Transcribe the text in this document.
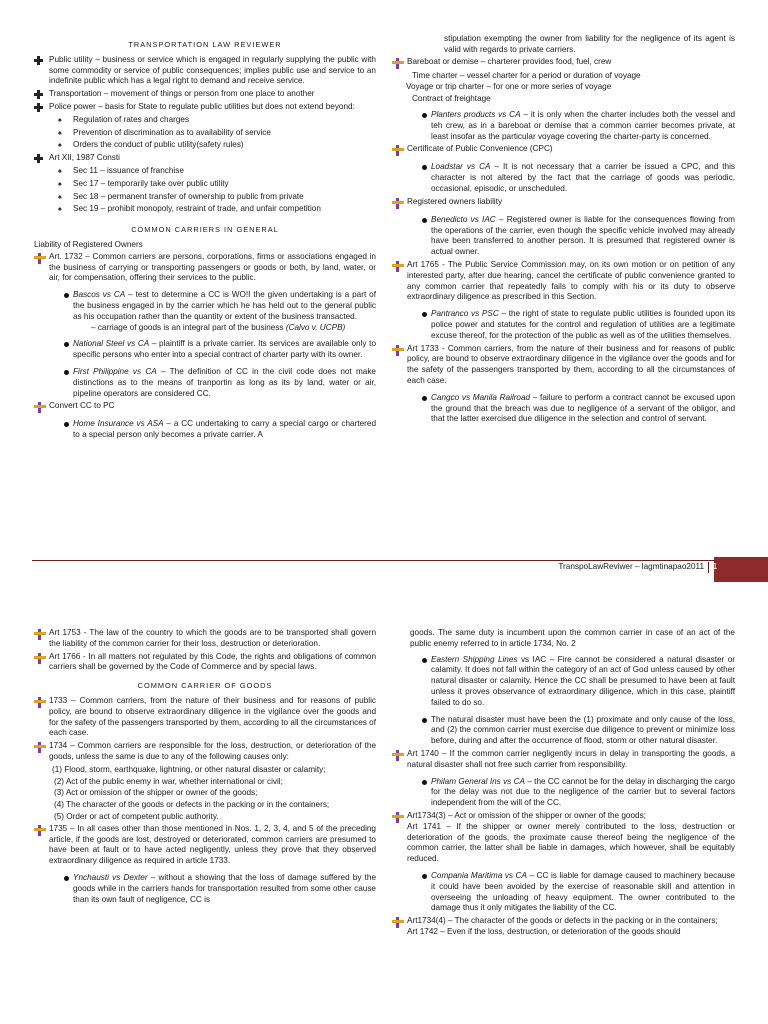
TRANSPORTATION LAW REVIEWER
Public utility – business or service which is engaged in regularly supplying the public with some commodity or service of public consequences; implies public use and service to an indefinite public which has a legal right to demand and receive service.
Transportation – movement of things or person from one place to another
Police power – basis for State to regulate public utilities but does not extend beyond:
♠ Regulation of rates and charges
♠ Prevention of discrimination as to availability of service
♠ Orders the conduct of public utility(safety rules)
Art XII, 1987 Consti
♠ Sec 11 – issuance of franchise
♠ Sec 17 – temporarily take over public utility
♠ Sec 18 – permanent transfer of ownership to public from private
♠ Sec 19 – prohibit monopoly, restraint of trade, and unfair competition
COMMON CARRIERS IN GENERAL
Liability of Registered Owners
Art. 1732 – Common carriers are persons, corporations, firms or associations engaged in the business of carrying or transporting passengers or goods or both, by land, water, or air, for compensation, offering their services to the public.
Bascos vs CA – test to determine a CC is WO!I the given undertaking is a part of the business engaged in by the carrier which he has held out to the general public as his occupation rather than the quantity or extent of the business transacted.
– carriage of goods is an integral part of the business (Calvo v. UCPB)
National Steel vs CA – plaintiff is a private carrier. Its services are available only to specific persons who enter into a special contract of charter party with its owner.
First Philippine vs CA – The definition of CC in the civil code does not make distinctions as to the means of tranportin as long as its by land, water or air, pipeline operators are considered CC.
Convert CC to PC
Home Insurance vs ASA – a CC undertaking to carry a special cargo or chartered to a special person only becomes a private carrier. A
stipulation exempting the owner from liability for the negligence of its agent is valid with regards to private carriers.
Bareboat or demise – charterer provides food, fuel, crew
Time charter – vessel charter for a period or duration of voyage
Voyage or trip charter – for one or more series of voyage
Contract of freightage
Planters products vs CA – it is only when the charter includes both the vessel and teh crew, as in a bareboat or demise that a common carrier becomes private, at least insofar as the particular voyage covering the charter-party is concerned.
Certificate of Public Convenience (CPC)
Loadstar vs CA – It is not necessary that a carrier be issued a CPC, and this character is not altered by the fact that the carriage of goods was periodic, occasional, episodic, or unscheduled.
Registered owners liability
Benedicto vs IAC – Registered owner is liable for the consequences flowing from the operations of the carrier, even though the specific vehicle involved may already have been transferred to another person. It is presumed that registered owner is actual owner.
Art 1765 - The Public Service Commission may, on its own motion or on petition of any interested party, after due hearing, cancel the certificate of public convenience granted to any common carrier that repeatedly fails to comply with his or its duty to observe extraordinary diligence as prescribed in this Section.
Pantranco vs PSC – the right of state to regulate public utilities is founded upon its police power and statutes for the control and regulation of utilities are a legitimate excuse thereof, for the protection of the public as well as of the utilities themselves.
Art 1733 - Common carriers, from the nature of their business and for reasons of public policy, are bound to observe extraordinary diligence in the vigilance over the goods and for the safety of the passengers transported by them, according to all the circumstances of each case.
Cangco vs Manila Railroad – failure to perform a contract cannot be excused upon the ground that the breach was due to negligence of a servant of the obligor, and that the latter exercised due diligence in the selection and control of servant.
TranspoLawReviwer – lagmtinapao2011	1
Art 1753 - The law of the country to which the goods are to be transported shall govern the liability of the common carrier for their loss, destruction or deterioration.
Art 1766 - In all matters not regulated by this Code, the rights and obligations of common carriers shall be governed by the Code of Commerce and by special laws.
COMMON CARRIER OF GOODS
1733 – Common carriers, from the nature of their business and for reasons of public policy, are bound to observe extraordinary diligence in the vigilance over the goods and for the safety of the passengers transported by them, according to all the circumstances of each case.
1734 – Common carriers are responsible for the loss, destruction, or deterioration of the goods, unless the same is due to any of the following causes only:
(1) Flood, storm, earthquake, lightning, or other natural disaster or calamity;
(2) Act of the public enemy in war, whether international or civil;
(3) Act or omission of the shipper or owner of the goods;
(4) The character of the goods or defects in the packing or in the containers;
(5) Order or act of competent public authority.
1735 – In all cases other than those mentioned in Nos. 1, 2, 3, 4, and 5 of the preceding article, if the goods are lost, destroyed or deteriorated, common carriers are presumed to have been at fault or to have acted negligently, unless they prove that they observed extraordinary diligence as required in article 1733.
Ynchausti vs Dexter – without a showing that the loss of damage suffered by the goods while in the carriers hands for transportation resulted from some other cause than its own fault of negligence, CC is
goods. The same duty is incumbent upon the common carrier in case of an act of the public enemy referred to in article 1734, No. 2
Eastern Shipping Lines vs IAC – Fire cannot be considered a natural disaster or calamity. It does not fall within the category of an act of God unless caused by other natural disaster or calamity. Hence the CC shall be presumed to have been at fault unless it proves observance of extraordinary diligence, which in this case, plaintiff failed to do so.
The natural disaster must have been the (1) proximate and only cause of the loss, and (2) the common carrier must exercise due diligence to prevent or minimize loss before, during and after the occurrence of flood, storm or other natural disaster.
Art 1740 – If the common carrier negligently incurs in delay in transporting the goods, a natural disaster shall not free such carrier from responsibility.
Philam General Ins vs CA – the CC cannot be for the delay in discharging the cargo for the delay was not due to the negligence of the carrier but to several factors independent from the will of the CC.
Art1734(3) – Act or omission of the shipper or owner of the goods;
Art 1741 – If the shipper or owner merely contributed to the loss, destruction or deterioration of the goods, the proximate cause thereof being the negligence of the common carrier, the latter shall be liable in damages, which however, shall be equitably reduced.
Compania Maritima vs CA – CC is liable for damage caused to machinery because it could have been avoided by the exercise of reasonable skill and attention in overseeing the unloading of heavy equipment. The owner contributed to the damage thus it only mitigates the liability of the CC.
Art1734(4) – The character of the goods or defects in the packing or in the containers;
Art 1742 – Even if the loss, destruction, or deterioration of the goods should
